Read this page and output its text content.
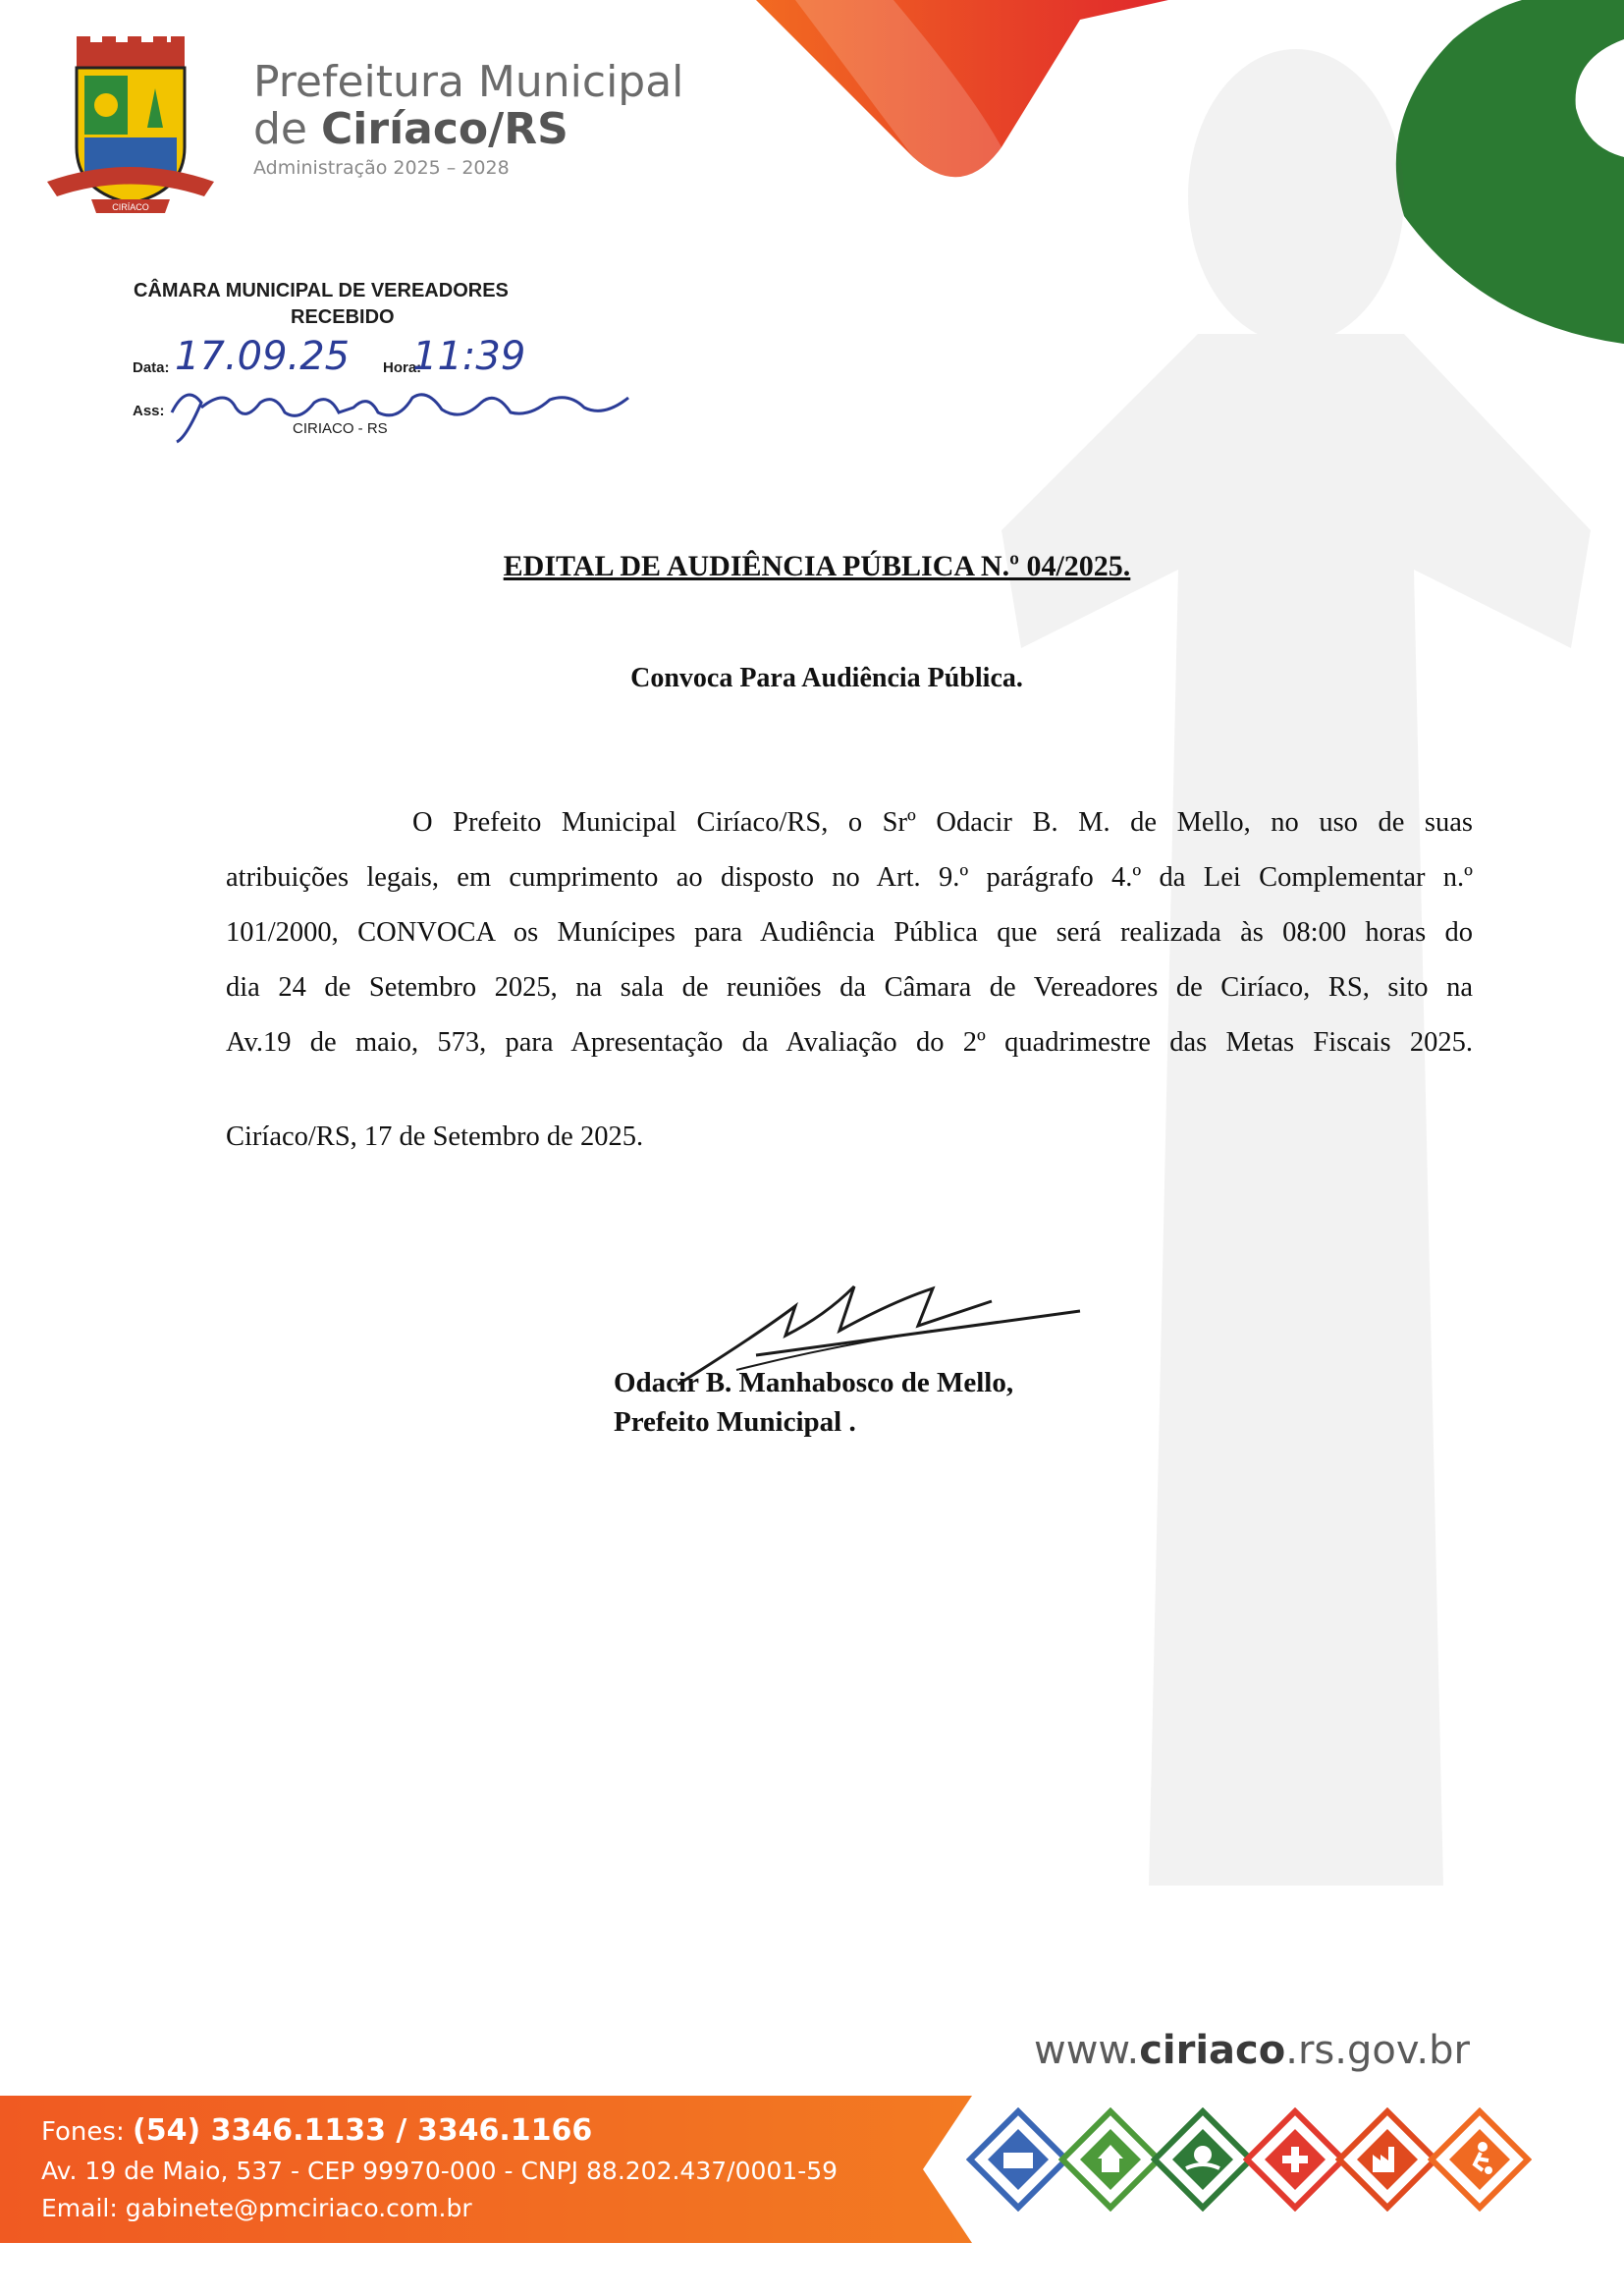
CIRÍACO
Prefeitura Municipal
de Ciríaco/RS
Administração 2025 – 2028
CÂMARA MUNICIPAL DE VEREADORES
RECEBIDO
Data: 17.09.25 Hora:
11:39
Ass:
CIRIACO - RS
EDITAL DE AUDIÊNCIA PÚBLICA N.º 04/2025.
Convoca Para Audiência Pública.
O Prefeito Municipal Ciríaco/RS, o Srº Odacir B. M. de Mello, no uso de suas
atribuições legais, em cumprimento ao disposto no Art. 9.º parágrafo 4.º da Lei Complementar n.º
101/2000, CONVOCA os Munícipes para Audiência Pública que será realizada às 08:00 horas do
dia 24 de Setembro 2025, na sala de reuniões da Câmara de Vereadores de Ciríaco, RS, sito na
Av.19 de maio, 573, para Apresentação da Avaliação do 2º quadrimestre das Metas Fiscais 2025.
Ciríaco/RS, 17 de Setembro de 2025.
Odacir B. Manhabosco de Mello,
Prefeito Municipal .
www.ciriaco.rs.gov.br
Fones: (54) 3346.1133 / 3346.1166
Av. 19 de Maio, 537 - CEP 99970-000 - CNPJ 88.202.437/0001-59
Email: gabinete@pmciriaco.com.br
